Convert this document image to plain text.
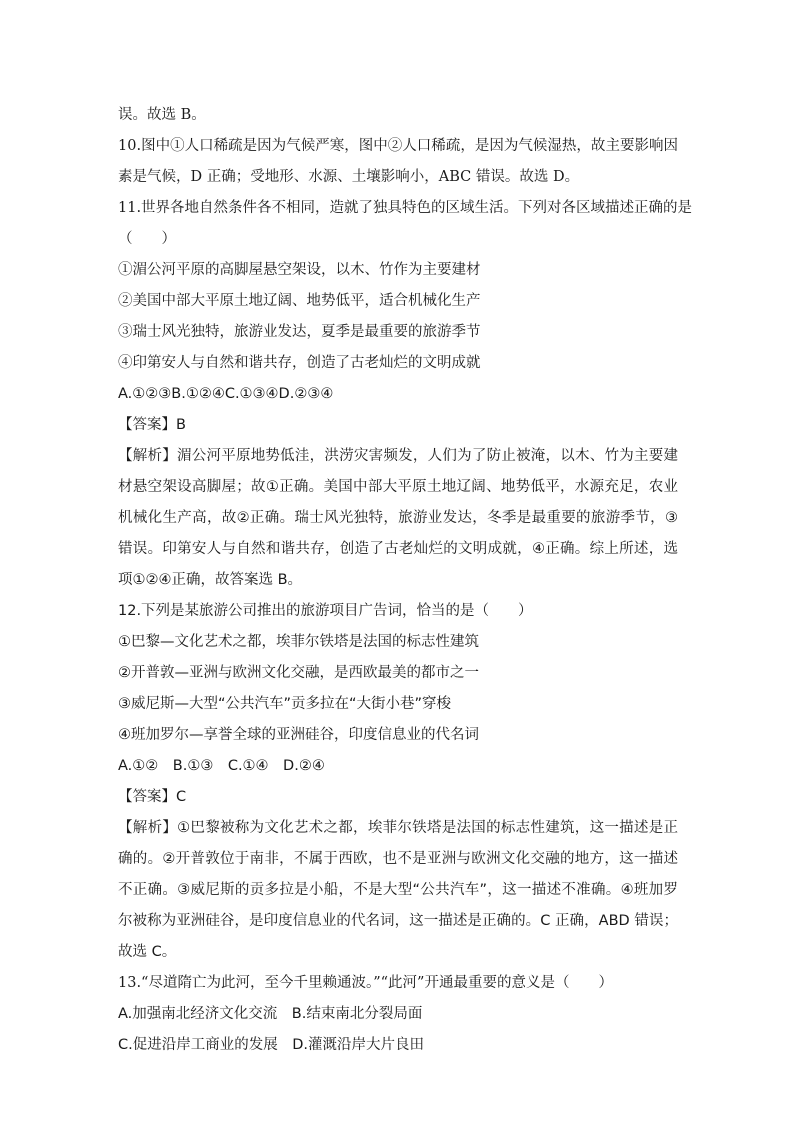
误。故选 B。
10.图中①人口稀疏是因为气候严寒，图中②人口稀疏，是因为气候湿热，故主要影响因素是气候，D 正确；受地形、水源、土壤影响小，ABC 错误。故选 D。
11.世界各地自然条件各不相同，造就了独具特色的区域生活。下列对各区域描述正确的是
（　　）
①湄公河平原的高脚屋悬空架设，以木、竹作为主要建材
②美国中部大平原土地辽阔、地势低平，适合机械化生产
③瑞士风光独特，旅游业发达，夏季是最重要的旅游季节
④印第安人与自然和谐共存，创造了古老灿烂的文明成就
A.①②③B.①②④C.①③④D.②③④
【答案】B
【解析】湄公河平原地势低洼，洪涝灾害频发，人们为了防止被淹，以木、竹为主要建材悬空架设高脚屋；故①正确。美国中部大平原土地辽阔、地势低平，水源充足，农业机械化生产高，故②正确。瑞士风光独特，旅游业发达，冬季是最重要的旅游季节，③错误。印第安人与自然和谐共存，创造了古老灿烂的文明成就，④正确。综上所述，选项①②④正确，故答案选 B。
12.下列是某旅游公司推出的旅游项目广告词，恰当的是（　　）
①巴黎—文化艺术之都，埃菲尔铁塔是法国的标志性建筑
②开普敦—亚洲与欧洲文化交融，是西欧最美的都市之一
③威尼斯—大型“公共汽车”贡多拉在“大街小巷”穿梭
④班加罗尔—享誉全球的亚洲硅谷，印度信息业的代名词
A.①②　B.①③　C.①④　D.②④
【答案】C
【解析】①巴黎被称为文化艺术之都，埃菲尔铁塔是法国的标志性建筑，这一描述是正确的。②开普敦位于南非，不属于西欧，也不是亚洲与欧洲文化交融的地方，这一描述不正确。③威尼斯的贡多拉是小船，不是大型“公共汽车”，这一描述不准确。④班加罗尔被称为亚洲硅谷，是印度信息业的代名词，这一描述是正确的。C 正确，ABD 错误；故选 C。
13.“尽道隋亡为此河，至今千里赖通波。”“此河”开通最重要的意义是（　　）
A.加强南北经济文化交流　B.结束南北分裂局面
C.促进沿岸工商业的发展　D.灌溉沿岸大片良田
